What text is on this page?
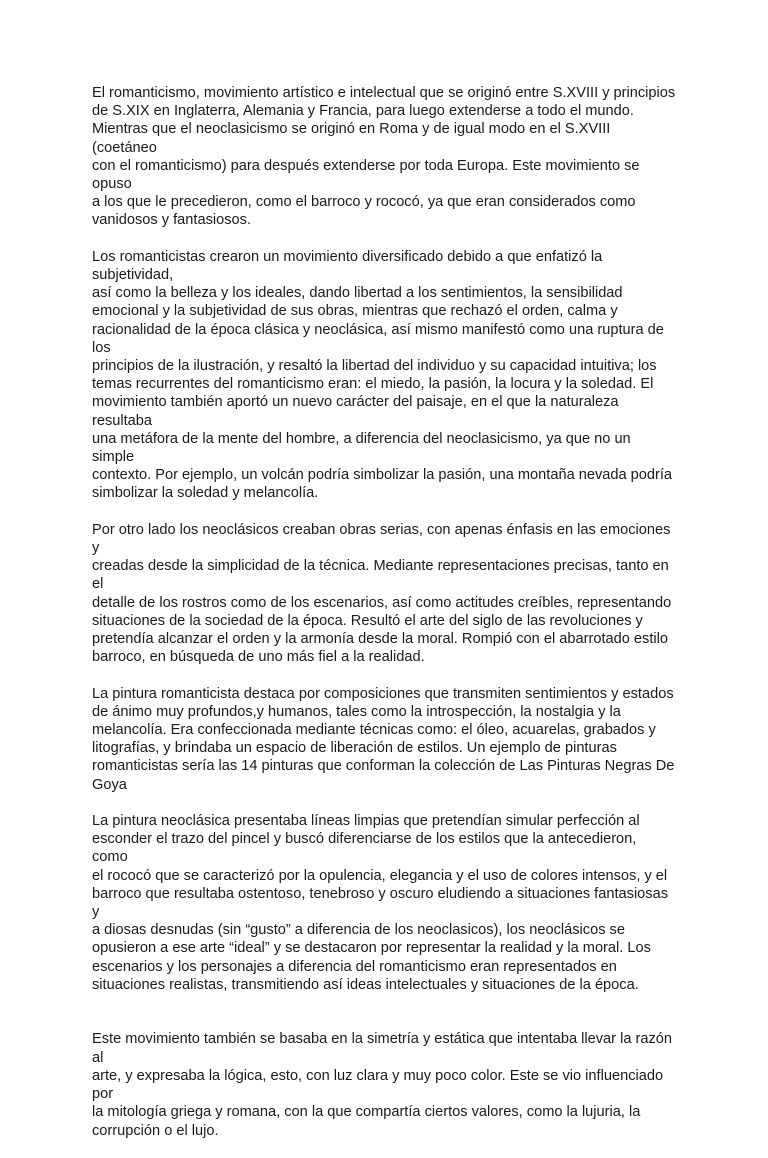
El romanticismo, movimiento artístico e intelectual que se originó entre S.XVIII y principios
de S.XIX en Inglaterra, Alemania y Francia, para luego extenderse a todo el mundo.
Mientras que el neoclasicismo se originó en Roma y de igual modo en el S.XVIII (coetáneo
con el romanticismo) para después extenderse por toda Europa. Este movimiento se opuso
a los que le precedieron, como el barroco y rococó, ya que eran considerados como
vanidosos y fantasiosos.

Los romanticistas crearon un movimiento diversificado debido a que enfatizó la subjetividad,
así como la belleza y los ideales, dando libertad a los sentimientos, la sensibilidad
emocional y la subjetividad de sus obras, mientras que rechazó el orden, calma y
racionalidad de la época clásica y neoclásica, así mismo manifestó como una ruptura de los
principios de la ilustración, y resaltó la libertad del individuo y su capacidad intuitiva; los
temas recurrentes del romanticismo eran: el miedo, la pasión, la locura y la soledad. El
movimiento también aportó un nuevo carácter del paisaje, en el que la naturaleza resultaba
una metáfora de la mente del hombre, a diferencia del neoclasicismo, ya que no un simple
contexto. Por ejemplo, un volcán podría simbolizar la pasión, una montaña nevada podría
simbolizar la soledad y melancolía.

Por otro lado los neoclásicos creaban obras serias, con apenas énfasis en las emociones y
creadas desde la simplicidad de la técnica. Mediante representaciones precisas, tanto en el
detalle de los rostros como de los escenarios, así como actitudes creíbles, representando
situaciones de la sociedad de la época. Resultó el arte del siglo de las revoluciones y
pretendía alcanzar el orden y la armonía desde la moral. Rompió con el abarrotado estilo
barroco, en búsqueda de uno más fiel a la realidad.

La pintura romanticista destaca por composiciones que transmiten sentimientos y estados
de ánimo muy profundos,y humanos, tales como la introspección, la nostalgia y la
melancolía. Era confeccionada mediante técnicas como: el óleo, acuarelas, grabados y
litografías, y brindaba un espacio de liberación de estilos. Un ejemplo de pinturas
romanticistas sería las 14 pinturas que conforman la colección de Las Pinturas Negras De
Goya

La pintura neoclásica presentaba líneas limpias que pretendían simular perfección al
esconder el trazo del pincel y buscó diferenciarse de los estilos que la antecedieron, como
el rococó que se caracterizó por la opulencia, elegancia y el uso de colores intensos, y el
barroco que resultaba ostentoso, tenebroso y oscuro eludiendo a situaciones fantasiosas y
a diosas desnudas (sin “gusto” a diferencia de los neoclasicos), los neoclásicos se
opusieron a ese arte “ideal” y se destacaron por representar la realidad y la moral. Los
escenarios y los personajes a diferencia del romanticismo eran representados en
situaciones realistas, transmitiendo así ideas intelectuales y situaciones de la época.

Este movimiento también se basaba en la simetría y estática que intentaba llevar la razón al
arte, y expresaba la lógica, esto, con luz clara y muy poco color. Este se vio influenciado por
la mitología griega y romana, con la que compartía ciertos valores, como la lujuria, la
corrupción o el lujo.
